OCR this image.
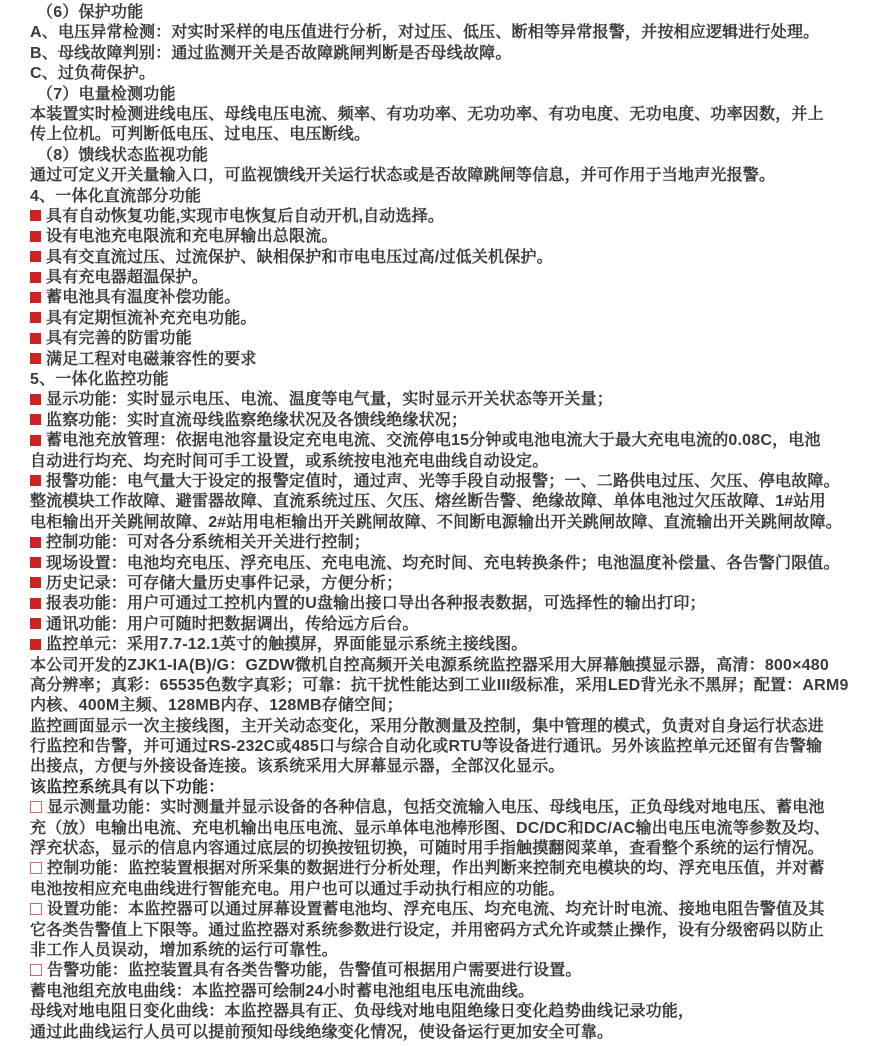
（6）保护功能
A、电压异常检测：对实时采样的电压值进行分析，对过压、低压、断相等异常报警，并按相应逻辑进行处理。
B、母线故障判别：通过监测开关是否故障跳闸判断是否母线故障。
C、过负荷保护。
（7）电量检测功能
本装置实时检测进线电压、母线电压电流、频率、有功功率、无功功率、有功电度、无功电度、功率因数，并上
传上位机。可判断低电压、过电压、电压断线。
（8）馈线状态监视功能
通过可定义开关量输入口，可监视馈线开关运行状态或是否故障跳闸等信息，并可作用于当地声光报警。
4、一体化直流部分功能
具有自动恢复功能,实现市电恢复后自动开机,自动选择。
设有电池充电限流和充电屏输出总限流。
具有交直流过压、过流保护、缺相保护和市电电压过高/过低关机保护。
具有充电器超温保护。
蓄电池具有温度补偿功能。
具有定期恒流补充充电功能。
具有完善的防雷功能
满足工程对电磁兼容性的要求
5、一体化监控功能
显示功能：实时显示电压、电流、温度等电气量，实时显示开关状态等开关量；
监察功能：实时直流母线监察绝缘状况及各馈线绝缘状况；
蓄电池充放管理：依据电池容量设定充电电流、交流停电15分钟或电池电流大于最大充电电流的0.08C，电池
自动进行均充、均充时间可手工设置，或系统按电池充电曲线自动设定。
报警功能：电气量大于设定的报警定值时，通过声、光等手段自动报警；一、二路供电过压、欠压、停电故障。
整流模块工作故障、避雷器故障、直流系统过压、欠压、熔丝断告警、绝缘故障、单体电池过欠压故障、1#站用
电柜输出开关跳闸故障、2#站用电柜输出开关跳闸故障、不间断电源输出开关跳闸故障、直流输出开关跳闸故障。
控制功能：可对各分系统相关开关进行控制；
现场设置：电池均充电压、浮充电压、充电电流、均充时间、充电转换条件；电池温度补偿量、各告警门限值。
历史记录：可存储大量历史事件记录，方便分析；
报表功能：用户可通过工控机内置的U盘输出接口导出各种报表数据，可选择性的输出打印；
通讯功能：用户可随时把数据调出，传给远方后台。
监控单元：采用7.7-12.1英寸的触摸屏，界面能显示系统主接线图。
本公司开发的ZJK1-IA(B)/G：GZDW微机自控高频开关电源系统监控器采用大屏幕触摸显示器，高清：800×480
高分辨率；真彩：65535色数字真彩；可靠：抗干扰性能达到工业III级标准，采用LED背光永不黑屏；配置：ARM9
内核、400M主频、128MB内存、128MB存储空间；
监控画面显示一次主接线图，主开关动态变化，采用分散测量及控制，集中管理的模式，负责对自身运行状态进
行监控和告警，并可通过RS-232C或485口与综合自动化或RTU等设备进行通讯。另外该监控单元还留有告警输
出接点，方便与外接设备连接。该系统采用大屏幕显示器，全部汉化显示。
该监控系统具有以下功能：
显示测量功能：实时测量并显示设备的各种信息，包括交流输入电压、母线电压，正负母线对地电压、蓄电池
充（放）电输出电流、充电机输出电压电流、显示单体电池棒形图、DC/DC和DC/AC输出电压电流等参数及均、
浮充状态，显示的信息内容通过底层的切换按钮切换，可随时用手指触摸翻阅菜单，查看整个系统的运行情况。
控制功能：监控装置根据对所采集的数据进行分析处理，作出判断来控制充电模块的均、浮充电压值，并对蓄
电池按相应充电曲线进行智能充电。用户也可以通过手动执行相应的功能。
设置功能：本监控器可以通过屏幕设置蓄电池均、浮充电压、均充电流、均充计时电流、接地电阻告警值及其
它各类告警值上下限等。通过监控器对系统参数进行设定，并用密码方式允许或禁止操作，设有分级密码以防止
非工作人员误动，增加系统的运行可靠性。
告警功能：监控装置具有各类告警功能，告警值可根据用户需要进行设置。
蓄电池组充放电曲线：本监控器可绘制24小时蓄电池组电压电流曲线。
母线对地电阻日变化曲线：本监控器具有正、负母线对地电阻绝缘日变化趋势曲线记录功能，
通过此曲线运行人员可以提前预知母线绝缘变化情况，使设备运行更加安全可靠。
